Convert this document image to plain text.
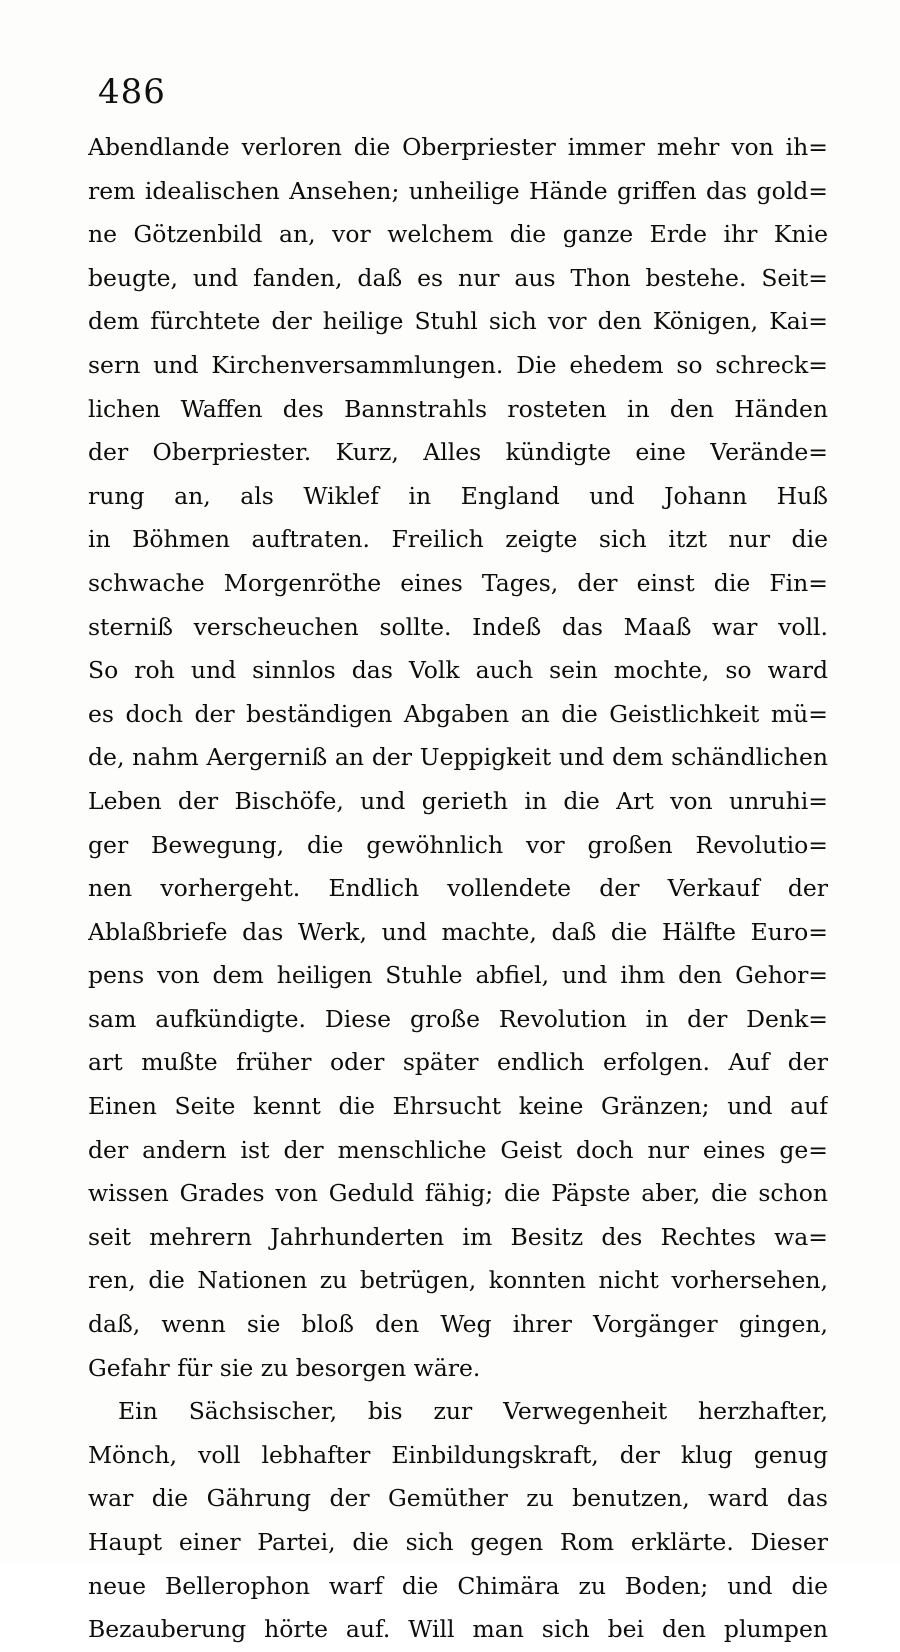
486
Abendlande verloren die Oberpriester immer mehr von ih=
rem idealischen Ansehen; unheilige Hände griffen das gold=
ne Götzenbild an, vor welchem die ganze Erde ihr Knie
beugte, und fanden, daß es nur aus Thon bestehe. Seit=
dem fürchtete der heilige Stuhl sich vor den Königen, Kai=
sern und Kirchenversammlungen. Die ehedem so schreck=
lichen Waffen des Bannstrahls rosteten in den Händen
der Oberpriester. Kurz, Alles kündigte eine Verände=
rung an, als Wiklef in England und Johann Huß
in Böhmen auftraten. Freilich zeigte sich itzt nur die
schwache Morgenröthe eines Tages, der einst die Fin=
sterniß verscheuchen sollte. Indeß das Maaß war voll.
So roh und sinnlos das Volk auch sein mochte, so ward
es doch der beständigen Abgaben an die Geistlichkeit mü=
de, nahm Aergerniß an der Ueppigkeit und dem schändlichen
Leben der Bischöfe, und gerieth in die Art von unruhi=
ger Bewegung, die gewöhnlich vor großen Revolutio=
nen vorhergeht. Endlich vollendete der Verkauf der
Ablaßbriefe das Werk, und machte, daß die Hälfte Euro=
pens von dem heiligen Stuhle abfiel, und ihm den Gehor=
sam aufkündigte. Diese große Revolution in der Denk=
art mußte früher oder später endlich erfolgen. Auf der
Einen Seite kennt die Ehrsucht keine Gränzen; und auf
der andern ist der menschliche Geist doch nur eines ge=
wissen Grades von Geduld fähig; die Päpste aber, die schon
seit mehrern Jahrhunderten im Besitz des Rechtes wa=
ren, die Nationen zu betrügen, konnten nicht vorhersehen,
daß, wenn sie bloß den Weg ihrer Vorgänger gingen,
Gefahr für sie zu besorgen wäre.
Ein Sächsischer, bis zur Verwegenheit herzhafter,
Mönch, voll lebhafter Einbildungskraft, der klug genug
war die Gährung der Gemüther zu benutzen, ward das
Haupt einer Partei, die sich gegen Rom erklärte. Dieser
neue Bellerophon warf die Chimära zu Boden; und die
Bezauberung hörte auf. Will man sich bei den plumpen
